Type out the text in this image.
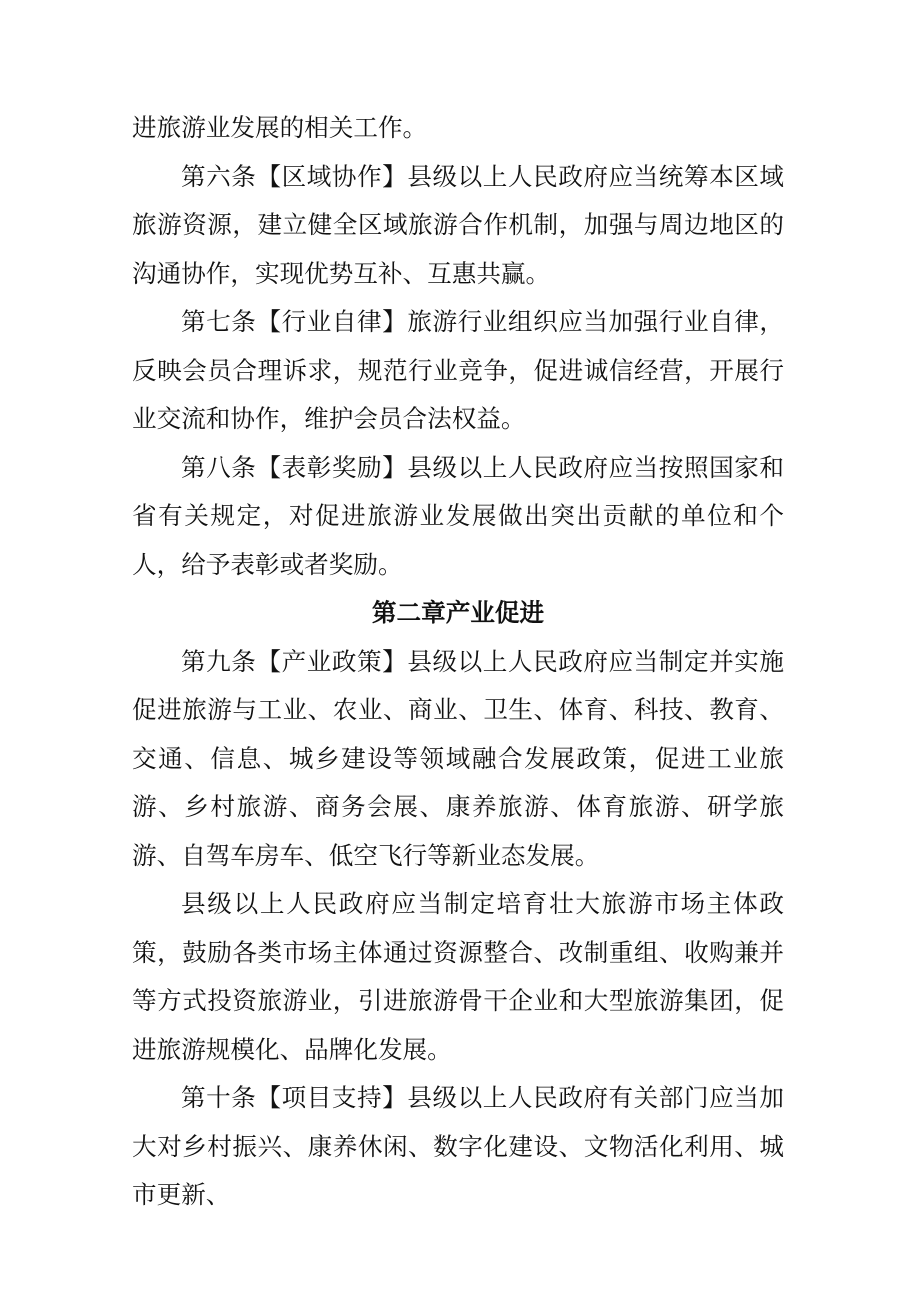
进旅游业发展的相关工作。

第六条【区域协作】县级以上人民政府应当统筹本区域旅游资源，建立健全区域旅游合作机制，加强与周边地区的沟通协作，实现优势互补、互惠共赢。

第七条【行业自律】旅游行业组织应当加强行业自律，反映会员合理诉求，规范行业竞争，促进诚信经营，开展行业交流和协作，维护会员合法权益。

第八条【表彰奖励】县级以上人民政府应当按照国家和省有关规定，对促进旅游业发展做出突出贡献的单位和个人，给予表彰或者奖励。

第二章产业促进

第九条【产业政策】县级以上人民政府应当制定并实施促进旅游与工业、农业、商业、卫生、体育、科技、教育、交通、信息、城乡建设等领域融合发展政策，促进工业旅游、乡村旅游、商务会展、康养旅游、体育旅游、研学旅游、自驾车房车、低空飞行等新业态发展。

县级以上人民政府应当制定培育壮大旅游市场主体政策，鼓励各类市场主体通过资源整合、改制重组、收购兼并等方式投资旅游业，引进旅游骨干企业和大型旅游集团，促进旅游规模化、品牌化发展。

第十条【项目支持】县级以上人民政府有关部门应当加大对乡村振兴、康养休闲、数字化建设、文物活化利用、城市更新、
